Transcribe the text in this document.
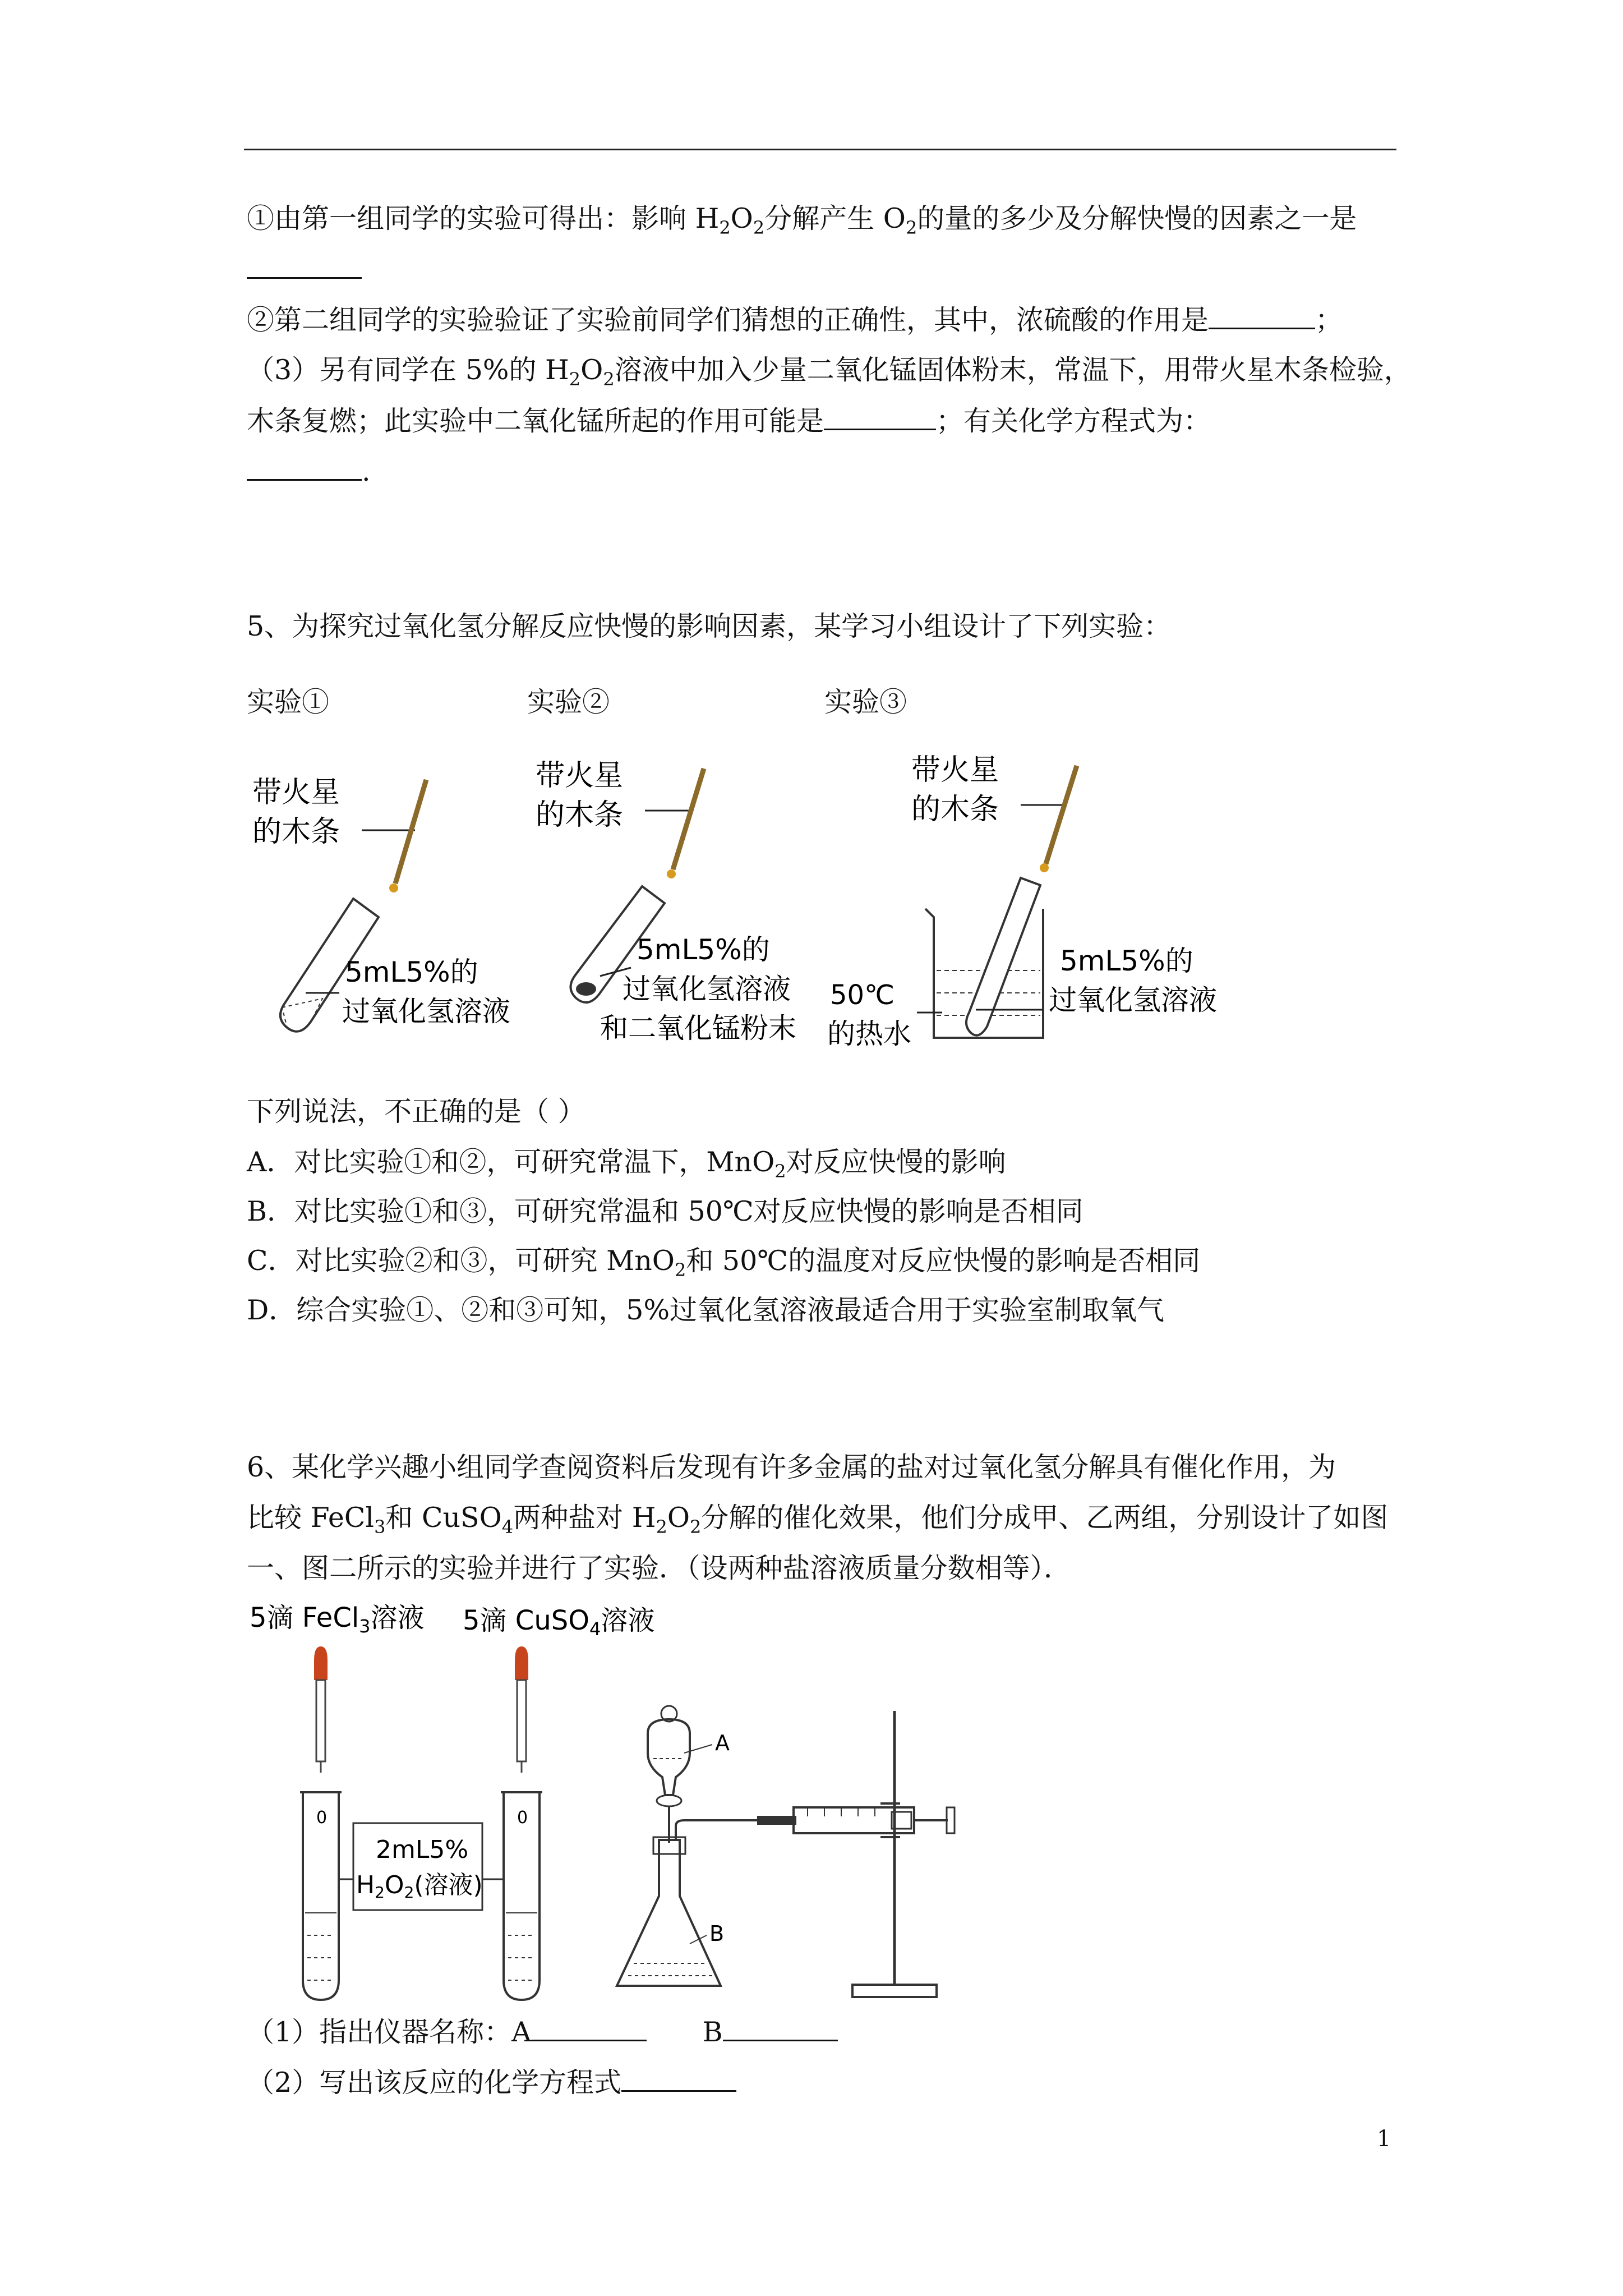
①由第一组同学的实验可得出：影响 $H_2O_2$分解产生 $O_2$的量的多少及分解快慢的因素之一是
②第二组同学的实验验证了实验前同学们猜想的正确性，其中，浓硫酸的作用是	；
（3）另有同学在 5%的 $H_2O_2$溶液中加入少量二氧化锰固体粉末，常温下，用带火星木条检验，
木条复燃；此实验中二氧化锰所起的作用可能是	；有关化学方程式为：
.
5、为探究过氧化氢分解反应快慢的影响因素，某学习小组设计了下列实验：
实验①	实验②	实验③
带火星
的木条
5mL5%的
过氧化氢溶液
带火星
的木条
5mL5%的
过氧化氢溶液
和二氧化锰粉末
带火星
的木条
50℃
的热水
5mL5%的
过氧化氢溶液
下列说法，不正确的是（ ）
A．对比实验①和②，可研究常温下，MnO$_2$对反应快慢的影响
B．对比实验①和③，可研究常温和 50℃对反应快慢的影响是否相同
C．对比实验②和③，可研究 MnO$_2$和 50℃的温度对反应快慢的影响是否相同
D．综合实验①、②和③可知，5%过氧化氢溶液最适合用于实验室制取氧气
6、某化学兴趣小组同学查阅资料后发现有许多金属的盐对过氧化氢分解具有催化作用，为
比较 FeCl$_3$和 CuSO$_4$两种盐对 $H_2O_2$分解的催化效果，他们分成甲、乙两组，分别设计了如图
一、图二所示的实验并进行了实验．（设两种盐溶液质量分数相等）．
5滴 FeCl$_3$溶液 5滴 CuSO$_4$溶液
0	0
2mL5%
H2O2(溶液)
A
B
（1）指出仪器名称：A	B
（2）写出该反应的化学方程式
1
